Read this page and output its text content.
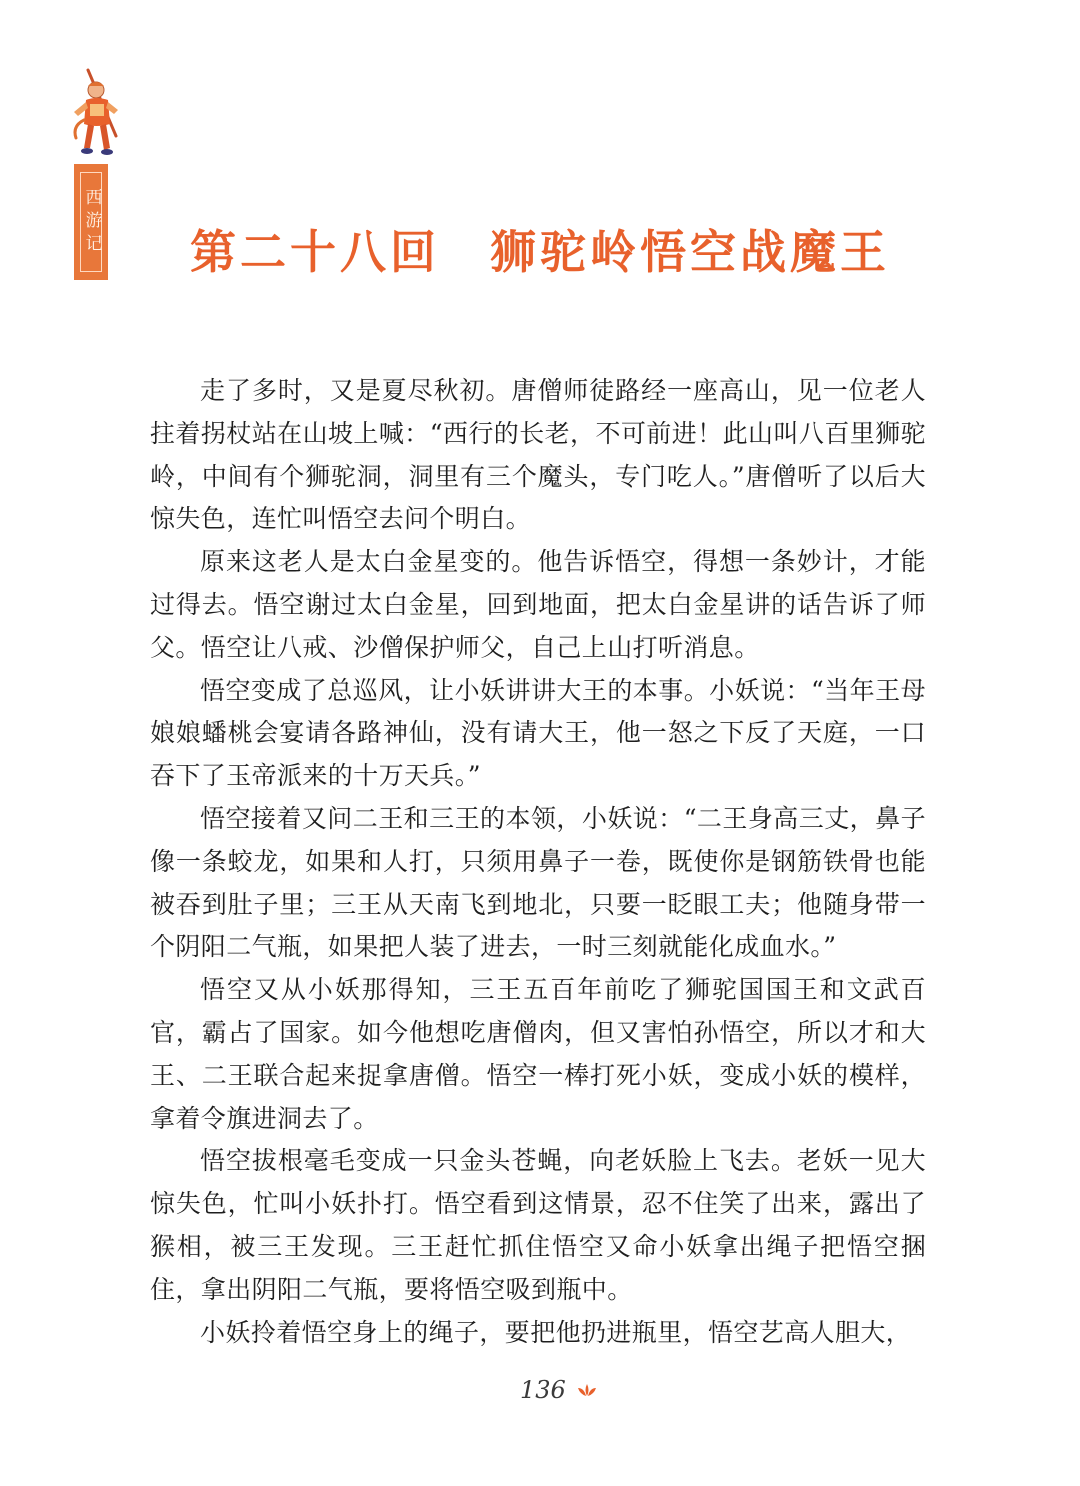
西游记	第二十八回　狮驼岭悟空战魔王

走了多时，又是夏尽秋初。唐僧师徒路经一座高山，见一位老人拄着拐杖站在山坡上喊：“西行的长老，不可前进！此山叫八百里狮驼岭，中间有个狮驼洞，洞里有三个魔头，专门吃人。”唐僧听了以后大惊失色，连忙叫悟空去问个明白。

原来这老人是太白金星变的。他告诉悟空，得想一条妙计，才能过得去。悟空谢过太白金星，回到地面，把太白金星讲的话告诉了师父。悟空让八戒、沙僧保护师父，自己上山打听消息。

悟空变成了总巡风，让小妖讲讲大王的本事。小妖说：“当年王母娘娘蟠桃会宴请各路神仙，没有请大王，他一怒之下反了天庭，一口吞下了玉帝派来的十万天兵。”

悟空接着又问二王和三王的本领，小妖说：“二王身高三丈，鼻子像一条蛟龙，如果和人打，只须用鼻子一卷，既使你是钢筋铁骨也能被吞到肚子里；三王从天南飞到地北，只要一眨眼工夫；他随身带一个阴阳二气瓶，如果把人装了进去，一时三刻就能化成血水。”

悟空又从小妖那得知，三王五百年前吃了狮驼国国王和文武百官，霸占了国家。如今他想吃唐僧肉，但又害怕孙悟空，所以才和大王、二王联合起来捉拿唐僧。悟空一棒打死小妖，变成小妖的模样，拿着令旗进洞去了。

悟空拔根毫毛变成一只金头苍蝇，向老妖脸上飞去。老妖一见大惊失色，忙叫小妖扑打。悟空看到这情景，忍不住笑了出来，露出了猴相，被三王发现。三王赶忙抓住悟空又命小妖拿出绳子把悟空捆住，拿出阴阳二气瓶，要将悟空吸到瓶中。

小妖拎着悟空身上的绳子，要把他扔进瓶里，悟空艺高人胆大，

136
